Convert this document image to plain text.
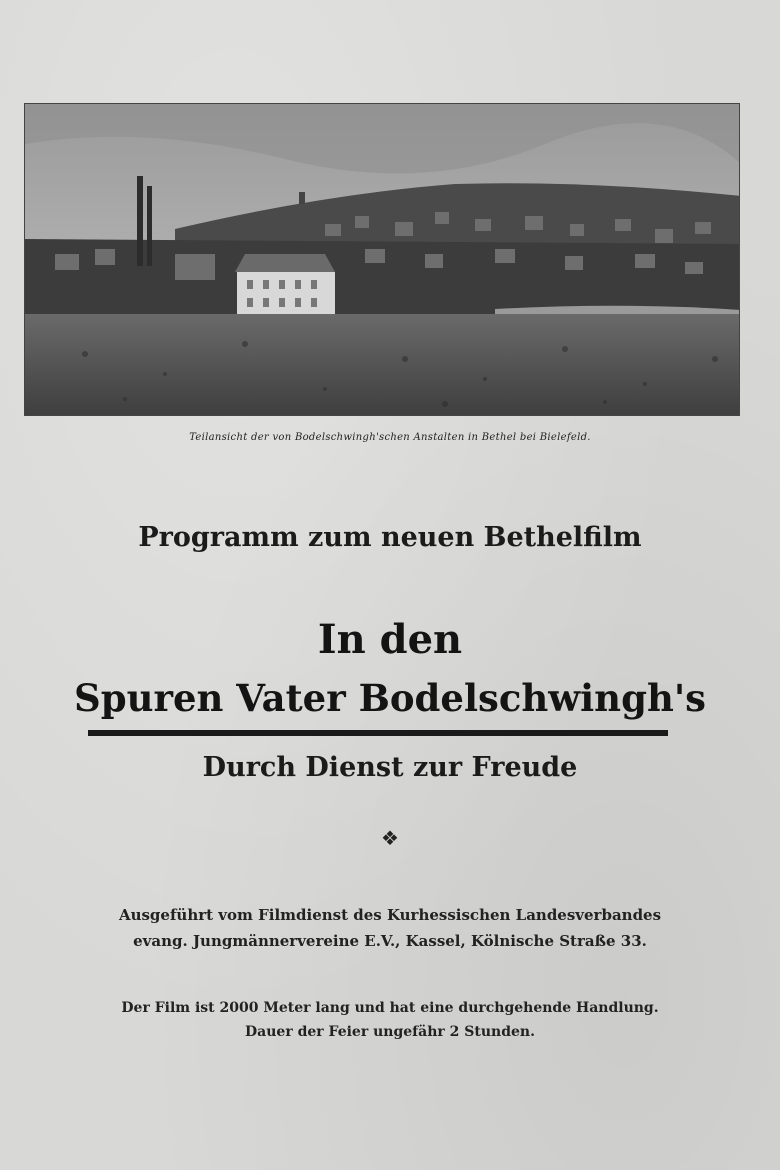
Teilansicht der von Bodelschwingh'schen Anstalten in Bethel bei Bielefeld.
Programm zum neuen Bethelfilm
In den
Spuren Vater Bodelschwingh's
Durch Dienst zur Freude
❖
Ausgeführt vom Filmdienst des Kurhessischen Landesverbandes
evang. Jungmännervereine E.V., Kassel, Kölnische Straße 33.
Der Film ist 2000 Meter lang und hat eine durchgehende Handlung.
Dauer der Feier ungefähr 2 Stunden.
